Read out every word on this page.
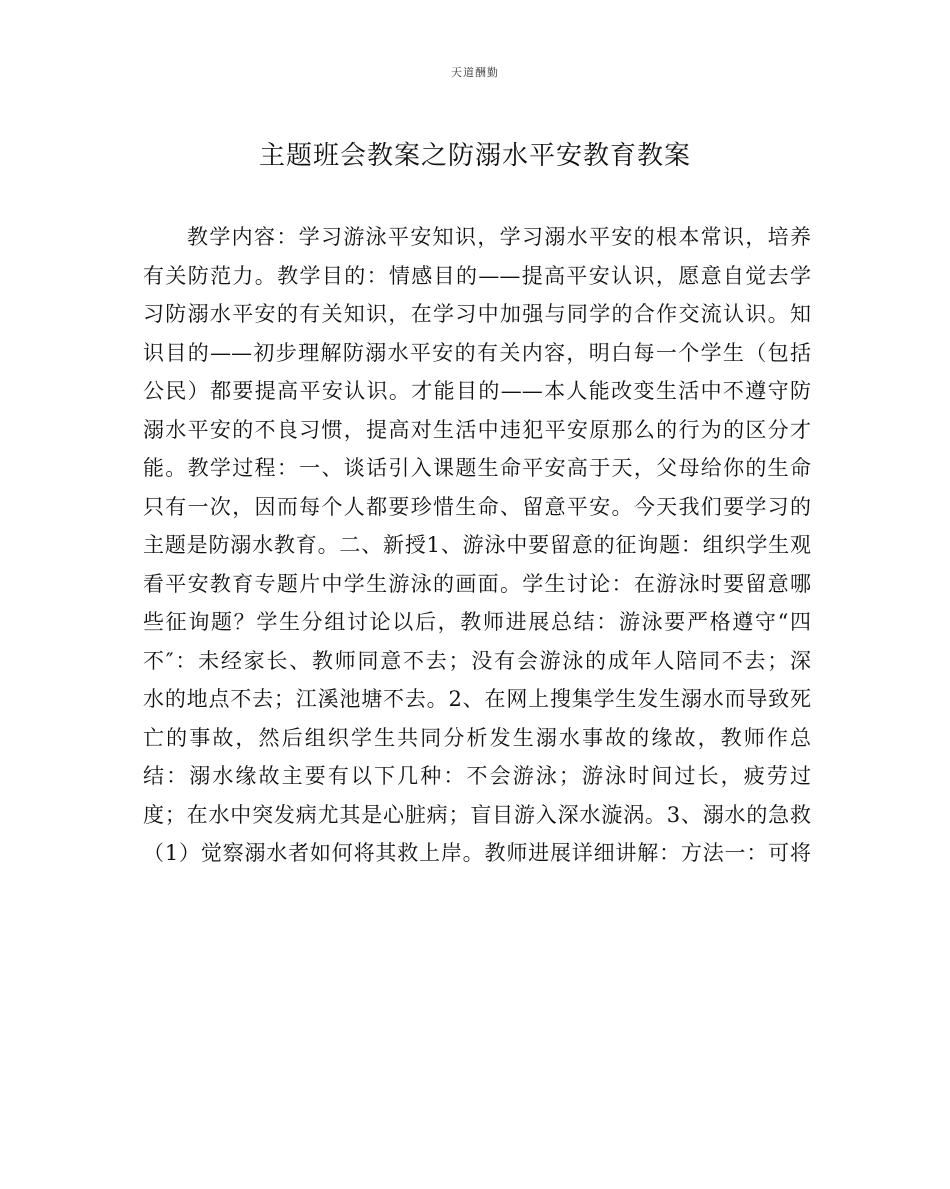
天道酬勤
主题班会教案之防溺水平安教育教案
教学内容：学习游泳平安知识，学习溺水平安的根本常识，培养
有关防范力。教学目的：情感目的——提高平安认识，愿意自觉去学
习防溺水平安的有关知识，在学习中加强与同学的合作交流认识。知
识目的——初步理解防溺水平安的有关内容，明白每一个学生（包括
公民）都要提高平安认识。才能目的——本人能改变生活中不遵守防
溺水平安的不良习惯，提高对生活中违犯平安原那么的行为的区分才
能。教学过程：一、谈话引入课题生命平安高于天，父母给你的生命
只有一次，因而每个人都要珍惜生命、留意平安。今天我们要学习的
主题是防溺水教育。二、新授1、游泳中要留意的征询题：组织学生观
看平安教育专题片中学生游泳的画面。学生讨论：在游泳时要留意哪
些征询题？学生分组讨论以后，教师进展总结：游泳要严格遵守“四
不″：未经家长、教师同意不去；没有会游泳的成年人陪同不去；深
水的地点不去；江溪池塘不去。2、在网上搜集学生发生溺水而导致死
亡的事故，然后组织学生共同分析发生溺水事故的缘故，教师作总
结：溺水缘故主要有以下几种：不会游泳；游泳时间过长，疲劳过
度；在水中突发病尤其是心脏病；盲目游入深水漩涡。3、溺水的急救
（1）觉察溺水者如何将其救上岸。教师进展详细讲解：方法一：可将
